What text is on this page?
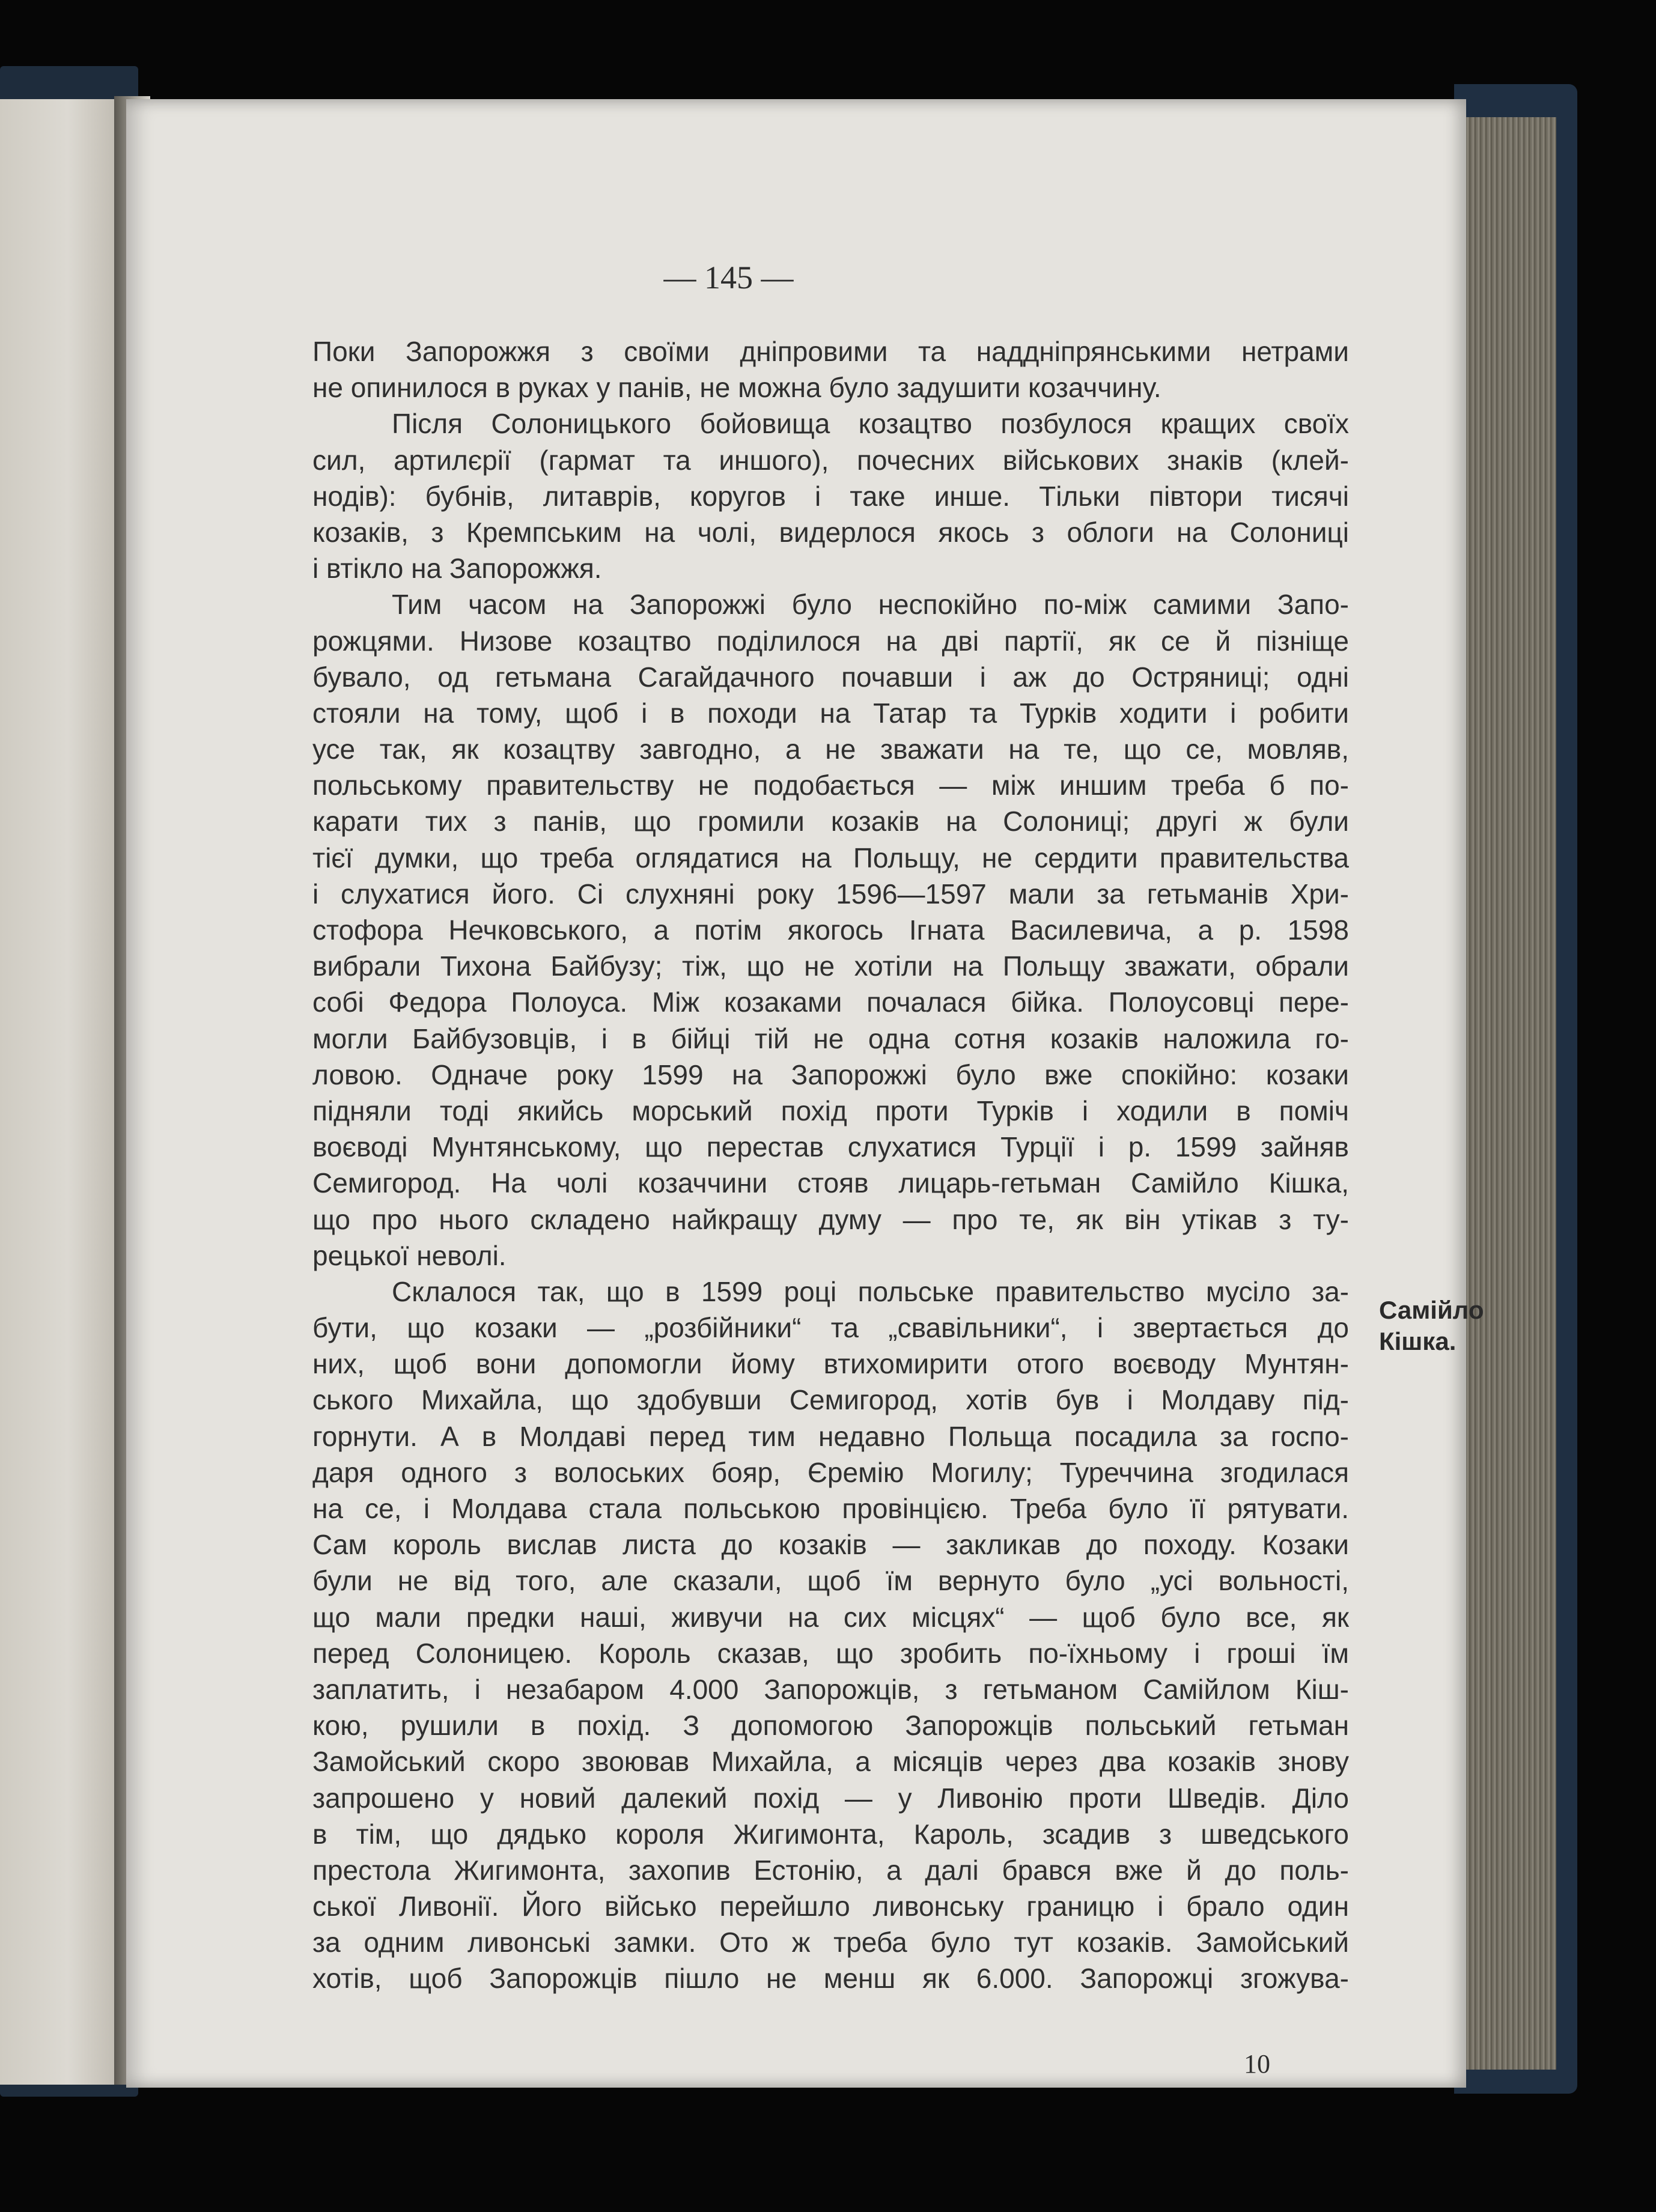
— 145 —
Поки Запорожжя з своїми дніпровими та наддніпрянськими нетрами
не опинилося в руках у панів, не можна було задушити козаччину.
Після Солоницького бойовища козацтво позбулося кращих своїх
сил, артилєрії (гармат та иншого), почесних військових знаків (клей-
нодів): бубнів, литаврів, коругов і таке инше. Тільки півтори тисячі
козаків, з Кремпським на чолі, видерлося якось з облоги на Солониці
і втікло на Запорожжя.
Тим часом на Запорожжі було неспокійно по-між самими Запо-
рожцями. Низове козацтво поділилося на дві партії, як се й пізніще
бувало, од гетьмана Сагайдачного почавши і аж до Остряниці; одні
стояли на тому, щоб і в походи на Татар та Турків ходити і робити
усе так, як козацтву завгодно, а не зважати на те, що се, мовляв,
польському правительству не подобається — між иншим треба б по-
карати тих з панів, що громили козаків на Солониці; другі ж були
тієї думки, що треба оглядатися на Польщу, не сердити правительства
і слухатися його. Сі слухняні року 1596—1597 мали за гетьманів Хри-
стофора Нечковського, а потім якогось Ігната Василевича, а р. 1598
вибрали Тихона Байбузу; тіж, що не хотіли на Польщу зважати, обрали
собі Федора Полоуса. Між козаками почалася бійка. Полоусовці пере-
могли Байбузовців, і в бійці тій не одна сотня козаків наложила го-
ловою. Одначе року 1599 на Запорожжі було вже спокійно: козаки
підняли тоді якийсь морський похід проти Турків і ходили в поміч
воєводі Мунтянському, що перестав слухатися Турції і р. 1599 зайняв
Семигород. На чолі козаччини стояв лицарь-гетьман Самійло Кішка,
що про нього складено найкращу думу — про те, як він утікав з ту-
рецької неволі.
Склалося так, що в 1599 році польське правительство мусіло за-
бути, що козаки — „розбійники“ та „свавільники“, і звертається до
них, щоб вони допомогли йому втихомирити отого воєводу Мунтян-
ського Михайла, що здобувши Семигород, хотів був і Молдаву під-
горнути. А в Молдаві перед тим недавно Польща посадила за госпо-
даря одного з волоських бояр, Єремію Могилу; Туреччина згодилася
на се, і Молдава стала польською провінцією. Треба було її рятувати.
Сам король вислав листа до козаків — закликав до походу. Козаки
були не від того, але сказали, щоб їм вернуто було „усі вольності,
що мали предки наші, живучи на сих місцях“ — щоб було все, як
перед Солоницею. Король сказав, що зробить по-їхньому і гроші їм
заплатить, і незабаром 4.000 Запорожців, з гетьманом Самійлом Кіш-
кою, рушили в похід. З допомогою Запорожців польський гетьман
Замойський скоро звоював Михайла, а місяців через два козаків знову
запрошено у новий далекий похід — у Ливонію проти Шведів. Діло
в тім, що дядько короля Жигимонта, Кароль, зсадив з шведського
престола Жигимонта, захопив Естонію, а далі брався вже й до поль-
ської Ливонії. Його військо перейшло ливонську границю і брало один
за одним ливонські замки. Ото ж треба було тут козаків. Замойський
хотів, щоб Запорожців пішло не менш як 6.000. Запорожці згожува-
Самійло
Кішка.
10
